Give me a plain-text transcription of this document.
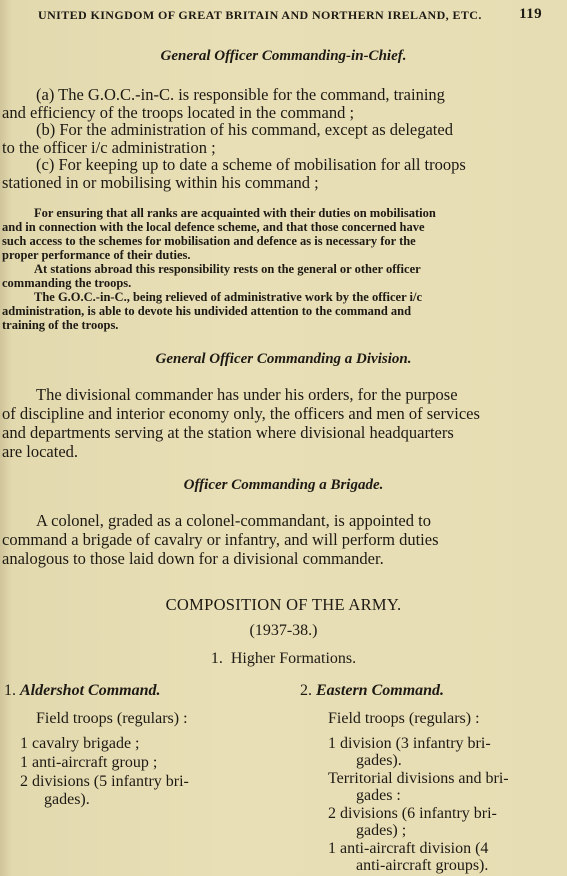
UNITED KINGDOM OF GREAT BRITAIN AND NORTHERN IRELAND, ETC. 119
General Officer Commanding-in-Chief.
(a) The G.O.C.-in-C. is responsible for the command, training
and efficiency of the troops located in the command ;
(b) For the administration of his command, except as delegated
to the officer i/c administration ;
(c) For keeping up to date a scheme of mobilisation for all troops
stationed in or mobilising within his command ;
For ensuring that all ranks are acquainted with their duties on mobilisation
and in connection with the local defence scheme, and that those concerned have
such access to the schemes for mobilisation and defence as is necessary for the
proper performance of their duties.
At stations abroad this responsibility rests on the general or other officer
commanding the troops.
The G.O.C.-in-C., being relieved of administrative work by the officer i/c
administration, is able to devote his undivided attention to the command and
training of the troops.
General Officer Commanding a Division.
The divisional commander has under his orders, for the purpose
of discipline and interior economy only, the officers and men of services
and departments serving at the station where divisional headquarters
are located.
Officer Commanding a Brigade.
A colonel, graded as a colonel-commandant, is appointed to
command a brigade of cavalry or infantry, and will perform duties
analogous to those laid down for a divisional commander.
COMPOSITION OF THE ARMY.
(1937-38.)
1.  Higher Formations.
1. Aldershot Command.
Field troops (regulars) :
1 cavalry brigade ;
1 anti-aircraft group ;
2 divisions (5 infantry bri-
gades).
2. Eastern Command.
Field troops (regulars) :
1 division (3 infantry bri-
gades).
Territorial divisions and bri-
gades :
2 divisions (6 infantry bri-
gades) ;
1 anti-aircraft division (4
anti-aircraft groups).
